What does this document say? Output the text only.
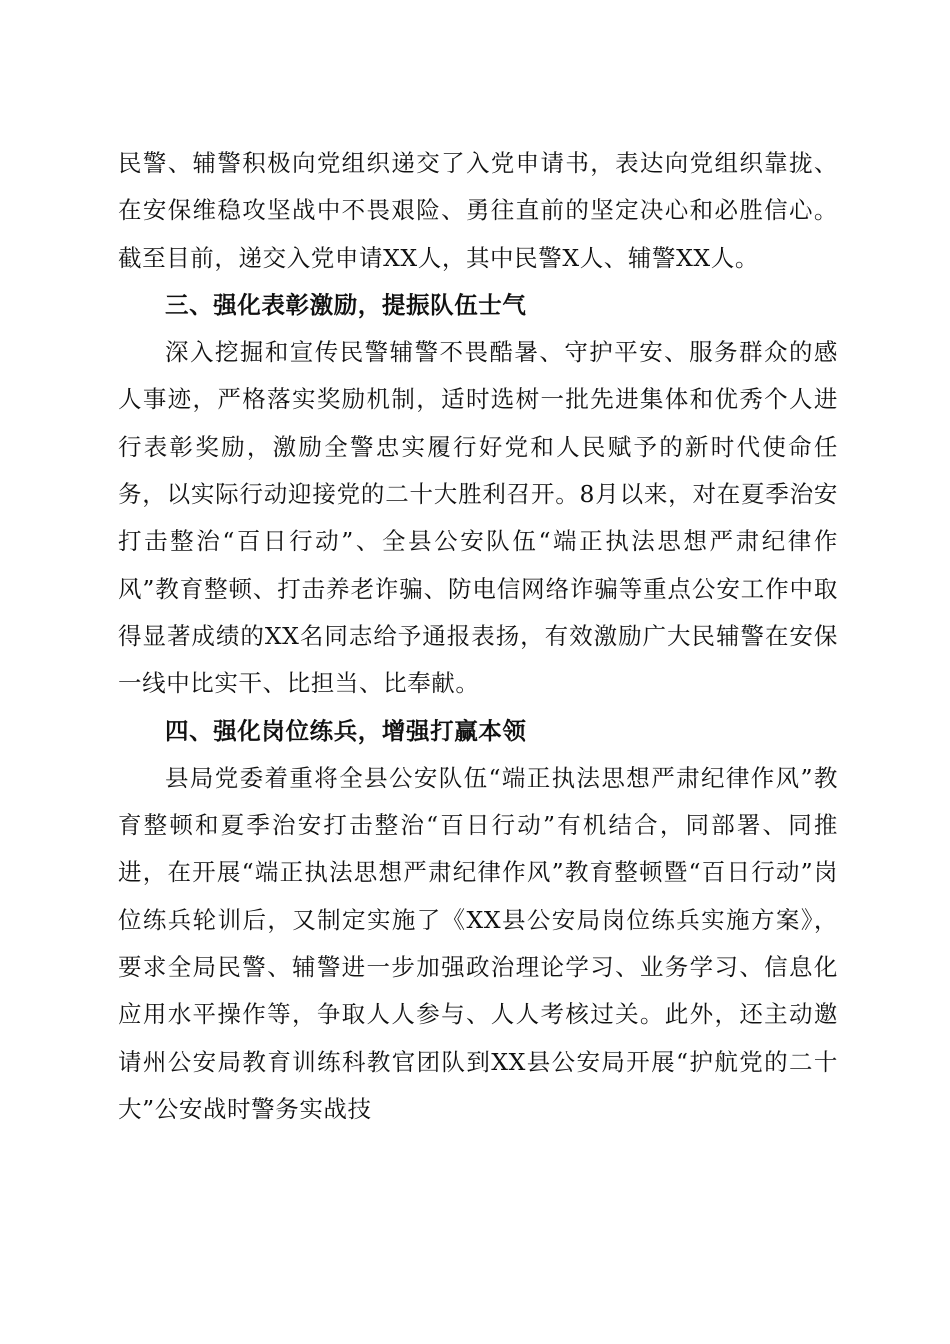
民警、辅警积极向党组织递交了入党申请书，表达向党组织靠拢、在安保维稳攻坚战中不畏艰险、勇往直前的坚定决心和必胜信心。截至目前，递交入党申请XX人，其中民警X人、辅警XX人。

三、强化表彰激励，提振队伍士气

深入挖掘和宣传民警辅警不畏酷暑、守护平安、服务群众的感人事迹，严格落实奖励机制，适时选树一批先进集体和优秀个人进行表彰奖励，激励全警忠实履行好党和人民赋予的新时代使命任务，以实际行动迎接党的二十大胜利召开。8月以来，对在夏季治安打击整治“百日行动”、全县公安队伍“端正执法思想严肃纪律作风”教育整顿、打击养老诈骗、防电信网络诈骗等重点公安工作中取得显著成绩的XX名同志给予通报表扬，有效激励广大民辅警在安保一线中比实干、比担当、比奉献。

四、强化岗位练兵，增强打赢本领

县局党委着重将全县公安队伍“端正执法思想严肃纪律作风”教育整顿和夏季治安打击整治“百日行动”有机结合，同部署、同推进，在开展“端正执法思想严肃纪律作风”教育整顿暨“百日行动”岗位练兵轮训后，又制定实施了《XX县公安局岗位练兵实施方案》，要求全局民警、辅警进一步加强政治理论学习、业务学习、信息化应用水平操作等，争取人人参与、人人考核过关。此外，还主动邀请州公安局教育训练科教官团队到XX县公安局开展“护航党的二十大”公安战时警务实战技
